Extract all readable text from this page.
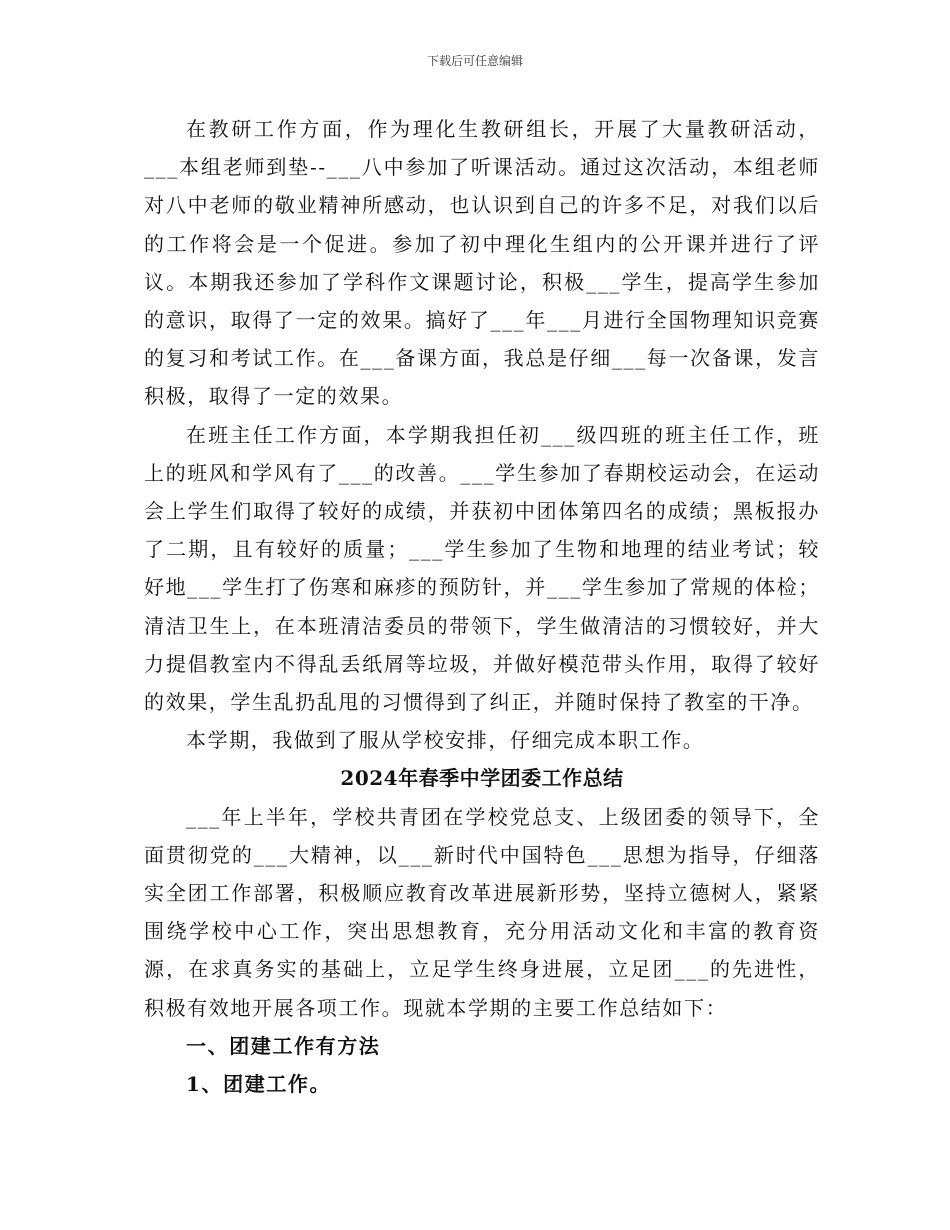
下载后可任意编辑

在教研工作方面，作为理化生教研组长，开展了大量教研活动，___本组老师到垫--___八中参加了听课活动。通过这次活动，本组老师对八中老师的敬业精神所感动，也认识到自己的许多不足，对我们以后的工作将会是一个促进。参加了初中理化生组内的公开课并进行了评议。本期我还参加了学科作文课题讨论，积极___学生，提高学生参加的意识，取得了一定的效果。搞好了___年___月进行全国物理知识竞赛的复习和考试工作。在___备课方面，我总是仔细___每一次备课，发言积极，取得了一定的效果。

在班主任工作方面，本学期我担任初___级四班的班主任工作，班上的班风和学风有了___的改善。___学生参加了春期校运动会，在运动会上学生们取得了较好的成绩，并获初中团体第四名的成绩；黑板报办了二期，且有较好的质量；___学生参加了生物和地理的结业考试；较好地___学生打了伤寒和麻疹的预防针，并___学生参加了常规的体检；清洁卫生上，在本班清洁委员的带领下，学生做清洁的习惯较好，并大力提倡教室内不得乱丢纸屑等垃圾，并做好模范带头作用，取得了较好的效果，学生乱扔乱甩的习惯得到了纠正，并随时保持了教室的干净。

本学期，我做到了服从学校安排，仔细完成本职工作。

2024年春季中学团委工作总结

___年上半年，学校共青团在学校党总支、上级团委的领导下，全面贯彻党的___大精神，以___新时代中国特色___思想为指导，仔细落实全团工作部署，积极顺应教育改革进展新形势，坚持立德树人，紧紧围绕学校中心工作，突出思想教育，充分用活动文化和丰富的教育资源，在求真务实的基础上，立足学生终身进展，立足团___的先进性，积极有效地开展各项工作。现就本学期的主要工作总结如下：

一、团建工作有方法

1、团建工作。
